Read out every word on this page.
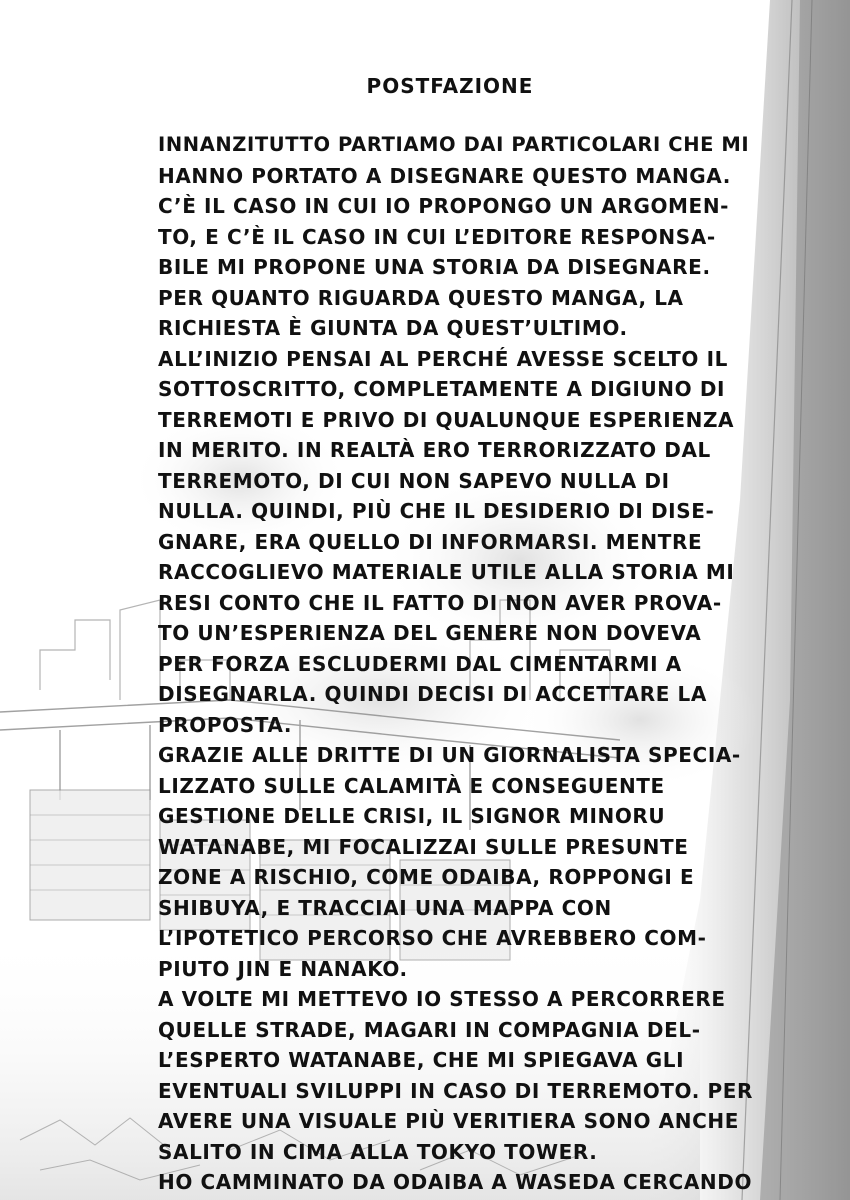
POSTFAZIONE
INNANZITUTTO PARTIAMO DAI PARTICOLARI CHE MI
HANNO PORTATO A DISEGNARE QUESTO MANGA.
C’È IL CASO IN CUI IO PROPONGO UN ARGOMEN-
TO, E C’È IL CASO IN CUI L’EDITORE RESPONSA-
BILE MI PROPONE UNA STORIA DA DISEGNARE.
PER QUANTO RIGUARDA QUESTO MANGA, LA
RICHIESTA È GIUNTA DA QUEST’ULTIMO.
ALL’INIZIO PENSAI AL PERCHÉ AVESSE SCELTO IL
SOTTOSCRITTO, COMPLETAMENTE A DIGIUNO DI
TERREMOTI E PRIVO DI QUALUNQUE ESPERIENZA
IN MERITO. IN REALTÀ ERO TERRORIZZATO DAL
TERREMOTO, DI CUI NON SAPEVO NULLA DI
NULLA. QUINDI, PIÙ CHE IL DESIDERIO DI DISE-
GNARE, ERA QUELLO DI INFORMARSI. MENTRE
RACCOGLIEVO MATERIALE UTILE ALLA STORIA MI
RESI CONTO CHE IL FATTO DI NON AVER PROVA-
TO UN’ESPERIENZA DEL GENERE NON DOVEVA
PER FORZA ESCLUDERMI DAL CIMENTARMI A
DISEGNARLA. QUINDI DECISI DI ACCETTARE LA
PROPOSTA.
GRAZIE ALLE DRITTE DI UN GIORNALISTA SPECIA-
LIZZATO SULLE CALAMITÀ E CONSEGUENTE
GESTIONE DELLE CRISI, IL SIGNOR MINORU
WATANABE, MI FOCALIZZAI SULLE PRESUNTE
ZONE A RISCHIO, COME ODAIBA, ROPPONGI E
SHIBUYA, E TRACCIAI UNA MAPPA CON
L’IPOTETICO PERCORSO CHE AVREBBERO COM-
PIUTO JIN E NANAKO.
A VOLTE MI METTEVO IO STESSO A PERCORRERE
QUELLE STRADE, MAGARI IN COMPAGNIA DEL-
L’ESPERTO WATANABE, CHE MI SPIEGAVA GLI
EVENTUALI SVILUPPI IN CASO DI TERREMOTO. PER
AVERE UNA VISUALE PIÙ VERITIERA SONO ANCHE
SALITO IN CIMA ALLA TOKYO TOWER.
HO CAMMINATO DA ODAIBA A WASEDA CERCANDO
